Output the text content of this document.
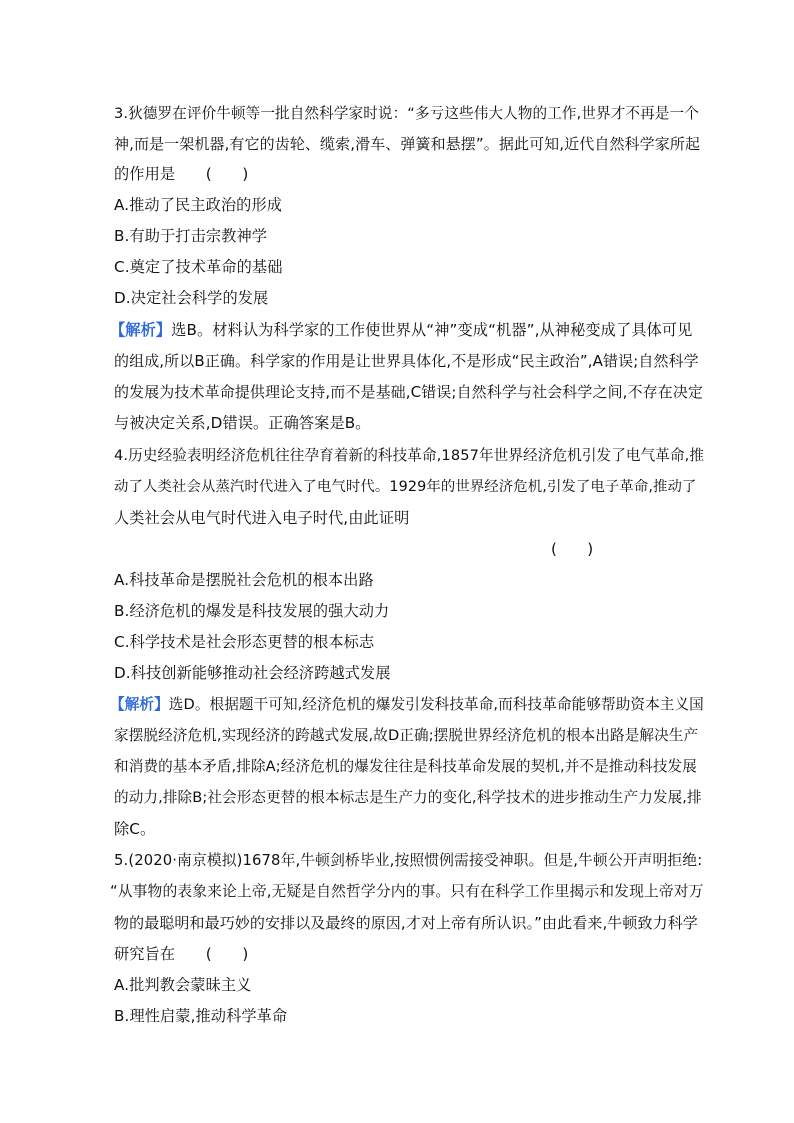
3.狄德罗在评价牛顿等一批自然科学家时说：“多亏这些伟大人物的工作,世界才不再是一个
神,而是一架机器,有它的齿轮、缆索,滑车、弹簧和悬摆”。据此可知,近代自然科学家所起
的作用是　　(　　)
A.推动了民主政治的形成
B.有助于打击宗教神学
C.奠定了技术革命的基础
D.决定社会科学的发展
【解析】选B。材料认为科学家的工作使世界从“神”变成“机器”,从神秘变成了具体可见
的组成,所以B正确。科学家的作用是让世界具体化,不是形成“民主政治”,A错误;自然科学
的发展为技术革命提供理论支持,而不是基础,C错误;自然科学与社会科学之间,不存在决定
与被决定关系,D错误。正确答案是B。
4.历史经验表明经济危机往往孕育着新的科技革命,1857年世界经济危机引发了电气革命,推
动了人类社会从蒸汽时代进入了电气时代。1929年的世界经济危机,引发了电子革命,推动了
人类社会从电气时代进入电子时代,由此证明
(　　)
A.科技革命是摆脱社会危机的根本出路
B.经济危机的爆发是科技发展的强大动力
C.科学技术是社会形态更替的根本标志
D.科技创新能够推动社会经济跨越式发展
【解析】选D。根据题干可知,经济危机的爆发引发科技革命,而科技革命能够帮助资本主义国
家摆脱经济危机,实现经济的跨越式发展,故D正确;摆脱世界经济危机的根本出路是解决生产
和消费的基本矛盾,排除A;经济危机的爆发往往是科技革命发展的契机,并不是推动科技发展
的动力,排除B;社会形态更替的根本标志是生产力的变化,科学技术的进步推动生产力发展,排
除C。
5.(2020·南京模拟)1678年,牛顿剑桥毕业,按照惯例需接受神职。但是,牛顿公开声明拒绝:
“从事物的表象来论上帝,无疑是自然哲学分内的事。只有在科学工作里揭示和发现上帝对万
物的最聪明和最巧妙的安排以及最终的原因,才对上帝有所认识。”由此看来,牛顿致力科学
研究旨在　　(　　)
A.批判教会蒙昧主义
B.理性启蒙,推动科学革命
